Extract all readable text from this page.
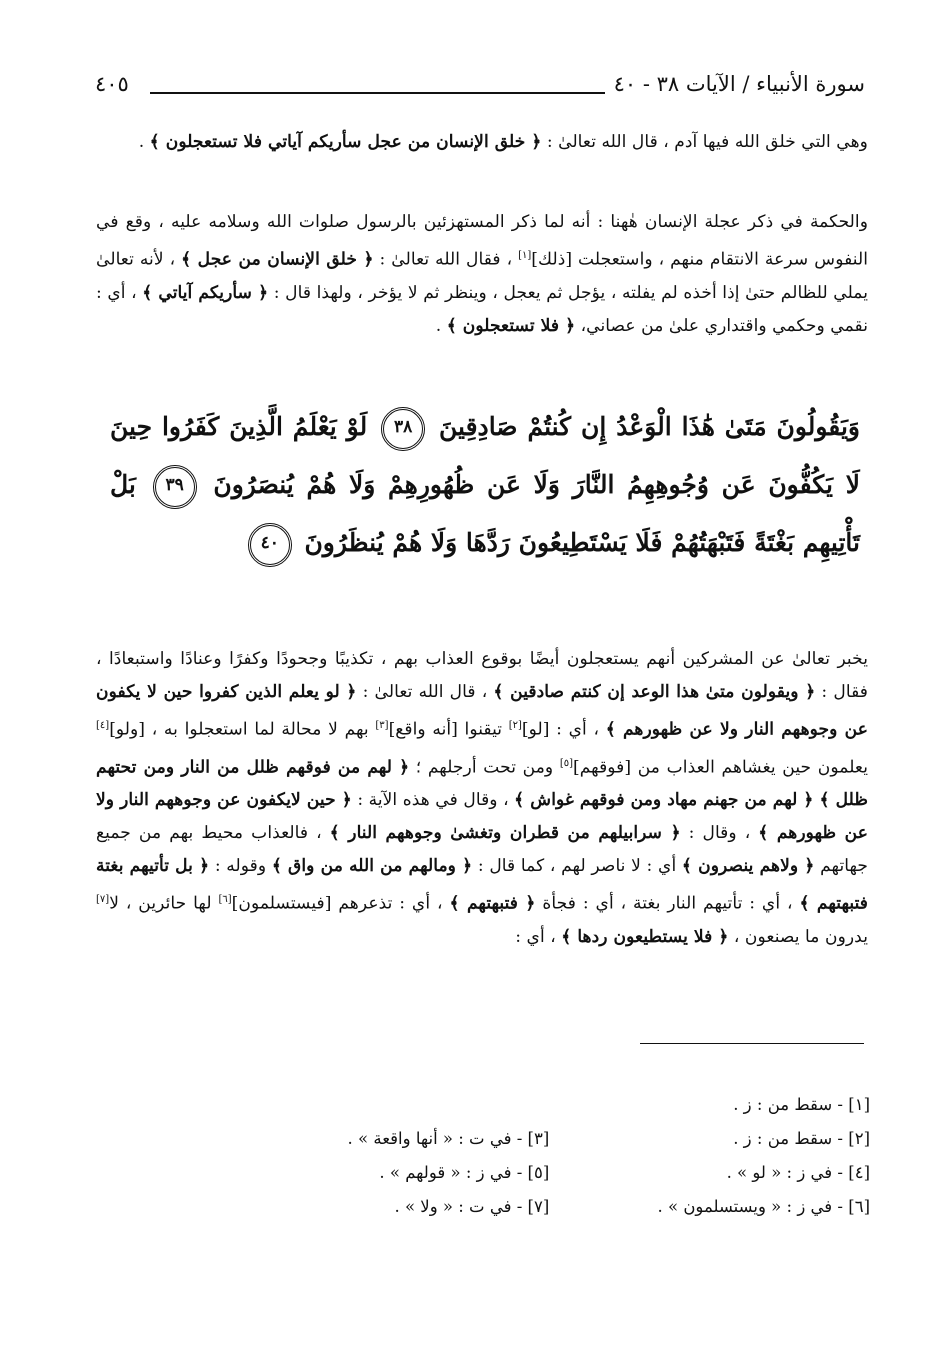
سورة الأنبياء / الآيات ٣٨ - ٤٠
٤٠٥
وهي التي خلق الله فيها آدم ، قال الله تعالىٰ : ﴿ خلق الإنسان من عجل سأريكم آياتي فلا تستعجلون ﴾ .
والحكمة في ذكر عجلة الإنسان هٰهنا : أنه لما ذكر المستهزئين بالرسول صلوات الله وسلامه عليه ، وقع في النفوس سرعة الانتقام منهم ، واستعجلت [ذلك][١] ، فقال الله تعالىٰ : ﴿ خلق الإنسان من عجل ﴾ ، لأنه تعالىٰ يملي للظالم حتىٰ إذا أخذه لم يفلته ، يؤجل ثم يعجل ، وينظر ثم لا يؤخر ، ولهذا قال : ﴿ سأريكم آياتي ﴾ ، أي : نقمي وحكمي واقتداري علىٰ من عصاني، ﴿ فلا تستعجلون ﴾ .
وَيَقُولُونَ مَتَىٰ هَٰذَا الْوَعْدُ إِن كُنتُمْ صَادِقِينَ ٣٨ لَوْ يَعْلَمُ الَّذِينَ كَفَرُوا حِينَ لَا يَكُفُّونَ عَن وُجُوهِهِمُ النَّارَ وَلَا عَن ظُهُورِهِمْ وَلَا هُمْ يُنصَرُونَ ٣٩ بَلْ تَأْتِيهِم بَغْتَةً فَتَبْهَتُهُمْ فَلَا يَسْتَطِيعُونَ رَدَّهَا وَلَا هُمْ يُنظَرُونَ ٤٠
يخبر تعالىٰ عن المشركين أنهم يستعجلون أيضًا بوقوع العذاب بهم ، تكذيبًا وجحودًا وكفرًا وعنادًا واستبعادًا ، فقال : ﴿ ويقولون متىٰ هذا الوعد إن كنتم صادقين ﴾ ، قال الله تعالىٰ : ﴿ لو يعلم الذين كفروا حين لا يكفون عن وجوههم النار ولا عن ظهورهم ﴾ ، أي : [لو][٢] تيقنوا [أنه واقع][٣] بهم لا محالة لما استعجلوا به ، [ولو][٤] يعلمون حين يغشاهم العذاب من [فوقهم][٥] ومن تحت أرجلهم ؛ ﴿ لهم من فوقهم ظلل من النار ومن تحتهم ظلل ﴾ ﴿ لهم من جهنم مهاد ومن فوقهم غواش ﴾ ، وقال في هذه الآية : ﴿ حين لايكفون عن وجوههم النار ولا عن ظهورهم ﴾ ، وقال : ﴿ سرابيلهم من قطران وتغشىٰ وجوههم النار ﴾ ، فالعذاب محيط بهم من جميع جهاتهم ﴿ ولاهم ينصرون ﴾ أي : لا ناصر لهم ، كما قال : ﴿ ومالهم من الله من واق ﴾ وقوله : ﴿ بل تأتيهم بغتة فتبهتهم ﴾ ، أي : تأتيهم النار بغتة ، أي : فجأة ﴿ فتبهتهم ﴾ ، أي : تذعرهم [فيستسلمون][٦] لها حائرين ، لا[٧] يدرون ما يصنعون ، ﴿ فلا يستطيعون ردها ﴾ ، أي :
[١] - سقط من : ز .
[٢] - سقط من : ز .
[٣] - في ت : « أنها واقعة » .
[٤] - في ز : « لو » .
[٥] - في ز : « قولهم » .
[٦] - في ز : « ويستسلمون » .
[٧] - في ت : « ولا » .
